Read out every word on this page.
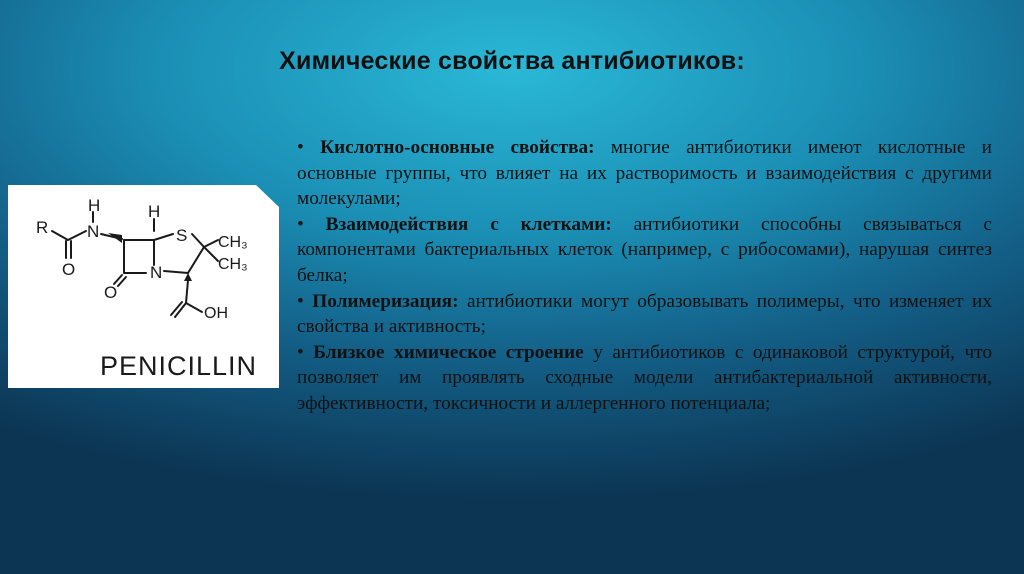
Химические свойства антибиотиков:
R
H
N
O
H
S CH₃
CH₃
N
O
OH
PENICILLIN

• Кислотно-основные свойства: многие антибиотики имеют кислотные и основные группы, что влияет на их растворимость и взаимодействия с другими молекулами;

• Взаимодействия с клетками: антибиотики способны связываться с компонентами бактериальных клеток (например, с рибосомами), нарушая синтез белка;

• Полимеризация: антибиотики могут образовывать полимеры, что изменяет их свойства и активность;

• Близкое химическое строение у антибиотиков с одинаковой структурой, что позволяет им проявлять сходные модели антибактериальной активности, эффективности, токсичности и аллергенного потенциала;
